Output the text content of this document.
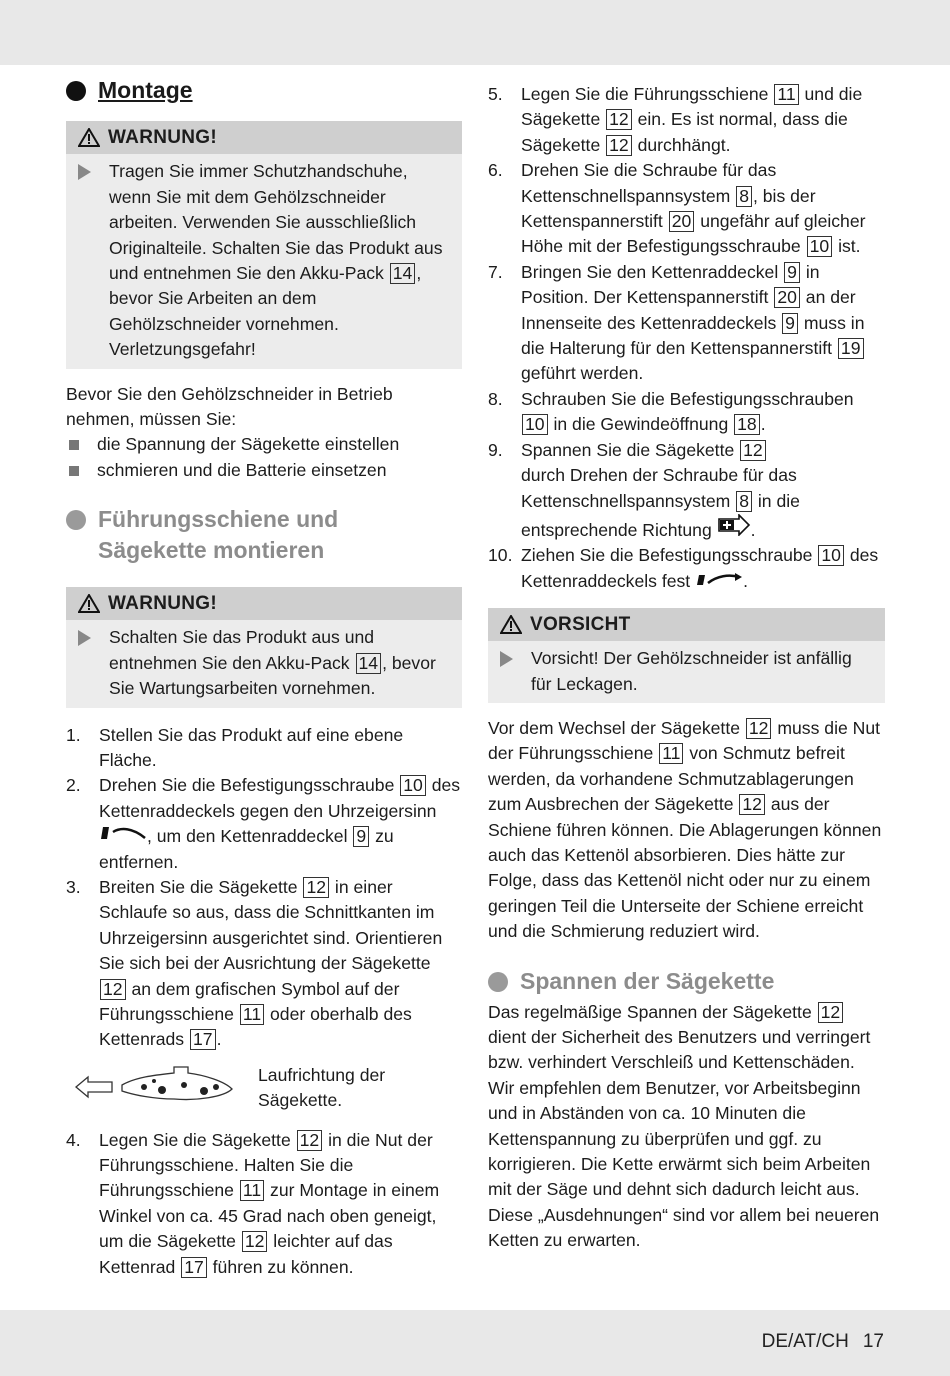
Montage
WARNUNG!

Tragen Sie immer Schutzhandschuhe, wenn Sie mit dem Gehölzschneider arbeiten. Verwenden Sie ausschließlich Originalteile. Schalten Sie das Produkt aus und entnehmen Sie den Akku-Pack 14 , bevor Sie Arbeiten an dem Gehölzschneider vornehmen. Verletzungsgefahr!

Bevor Sie den Gehölzschneider in Betrieb nehmen, müssen Sie:

die Spannung der Sägekette einstellen
schmieren und die Batterie einsetzen
Führungsschiene und
Sägekette montieren
WARNUNG!

Schalten Sie das Produkt aus und entnehmen Sie den Akku-Pack 14 , bevor Sie Wartungsarbeiten vornehmen.

1.	Stellen Sie das Produkt auf eine ebene Fläche.

2.	Drehen Sie die Befestigungsschraube 10 des Kettenraddeckels gegen den Uhrzeigersinn
, um den Kettenraddeckel 9 zu entfernen.

3.	Breiten Sie die Sägekette 12 in einer Schlaufe so aus, dass die Schnittkanten im Uhrzeigersinn ausgerichtet sind. Orientieren Sie sich bei der Ausrichtung der Sägekette 12 an dem grafischen Symbol auf der Führungsschiene 11 oder oberhalb des Kettenrads 17 .

Laufrichtung der Sägekette.

4.	Legen Sie die Sägekette 12 in die Nut der Führungsschiene. Halten Sie die Führungsschiene 11 zur Montage in einem Winkel von ca. 45 Grad nach oben geneigt, um die Sägekette 12 leichter auf das Kettenrad 17 führen zu können.

5.	Legen Sie die Führungsschiene 11 und die Sägekette 12 ein. Es ist normal, dass die Sägekette 12 durchhängt.

6.	Drehen Sie die Schraube für das Kettenschnellspannsystem 8 , bis der Kettenspannerstift 20 ungefähr auf gleicher Höhe mit der Befestigungsschraube 10 ist.

7.	Bringen Sie den Kettenraddeckel 9 in Position. Der Kettenspannerstift 20 an der Innenseite des Kettenraddeckels 9 muss in die Halterung für den Kettenspannerstift 19 geführt werden.

8.	Schrauben Sie die Befestigungsschrauben 10 in die Gewindeöffnung 18 .

9.	Spannen Sie die Sägekette 12
durch Drehen der Schraube für das Kettenschnellspannsystem 8 in die entsprechende Richtung .

10. Ziehen Sie die Befestigungsschraube 10 des Kettenraddeckels fest	.

VORSICHT

Vorsicht! Der Gehölzschneider ist anfällig für Leckagen.

Vor dem Wechsel der Sägekette 12 muss die Nut der Führungsschiene 11 von Schmutz befreit werden, da vorhandene Schmutzablagerungen zum Ausbrechen der Sägekette 12 aus der Schiene führen können. Die Ablagerungen können auch das Kettenöl absorbieren. Dies hätte zur Folge, dass das Kettenöl nicht oder nur zu einem geringen Teil die Unterseite der Schiene erreicht und die Schmierung reduziert wird.

Spannen der Sägekette

Das regelmäßige Spannen der Sägekette 12 dient der Sicherheit des Benutzers und verringert bzw. verhindert Verschleiß und Kettenschäden. Wir empfehlen dem Benutzer, vor Arbeitsbeginn und in Abständen von ca. 10 Minuten die Kettenspannung zu überprüfen und ggf. zu korrigieren. Die Kette erwärmt sich beim Arbeiten mit der Säge und dehnt sich dadurch leicht aus. Diese „Ausdehnungen“ sind vor allem bei neueren Ketten zu erwarten.

DE/AT/CH 17
